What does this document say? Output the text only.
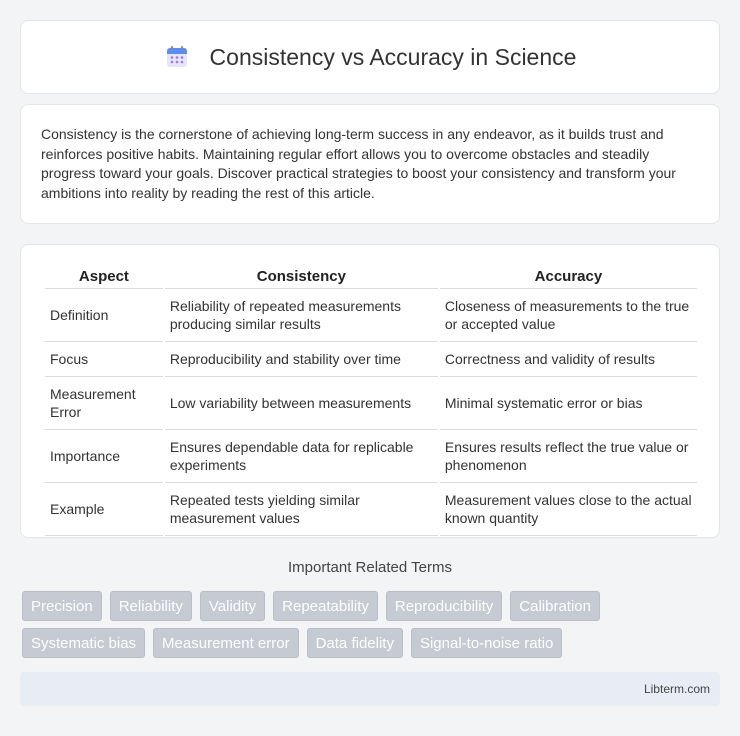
Consistency vs Accuracy in Science

Consistency is the cornerstone of achieving long-term success in any endeavor, as it builds trust and reinforces positive habits. Maintaining regular effort allows you to overcome obstacles and steadily progress toward your goals. Discover practical strategies to boost your consistency and transform your ambitions into reality by reading the rest of this article.

Aspect	Consistency	Accuracy
Definition	Reliability of repeated measurements producing similar results	Closeness of measurements to the true or accepted value
Focus	Reproducibility and stability over time	Correctness and validity of results
Measurement Error	Low variability between measurements	Minimal systematic error or bias
Importance	Ensures dependable data for replicable experiments	Ensures results reflect the true value or phenomenon
Example	Repeated tests yielding similar measurement values	Measurement values close to the actual known quantity
Important Related Terms
Precision	Reliability	Validity	Repeatability	Reproducibility	Calibration
Systematic bias	Measurement error	Data fidelity	Signal-to-noise ratio
Libterm.com
